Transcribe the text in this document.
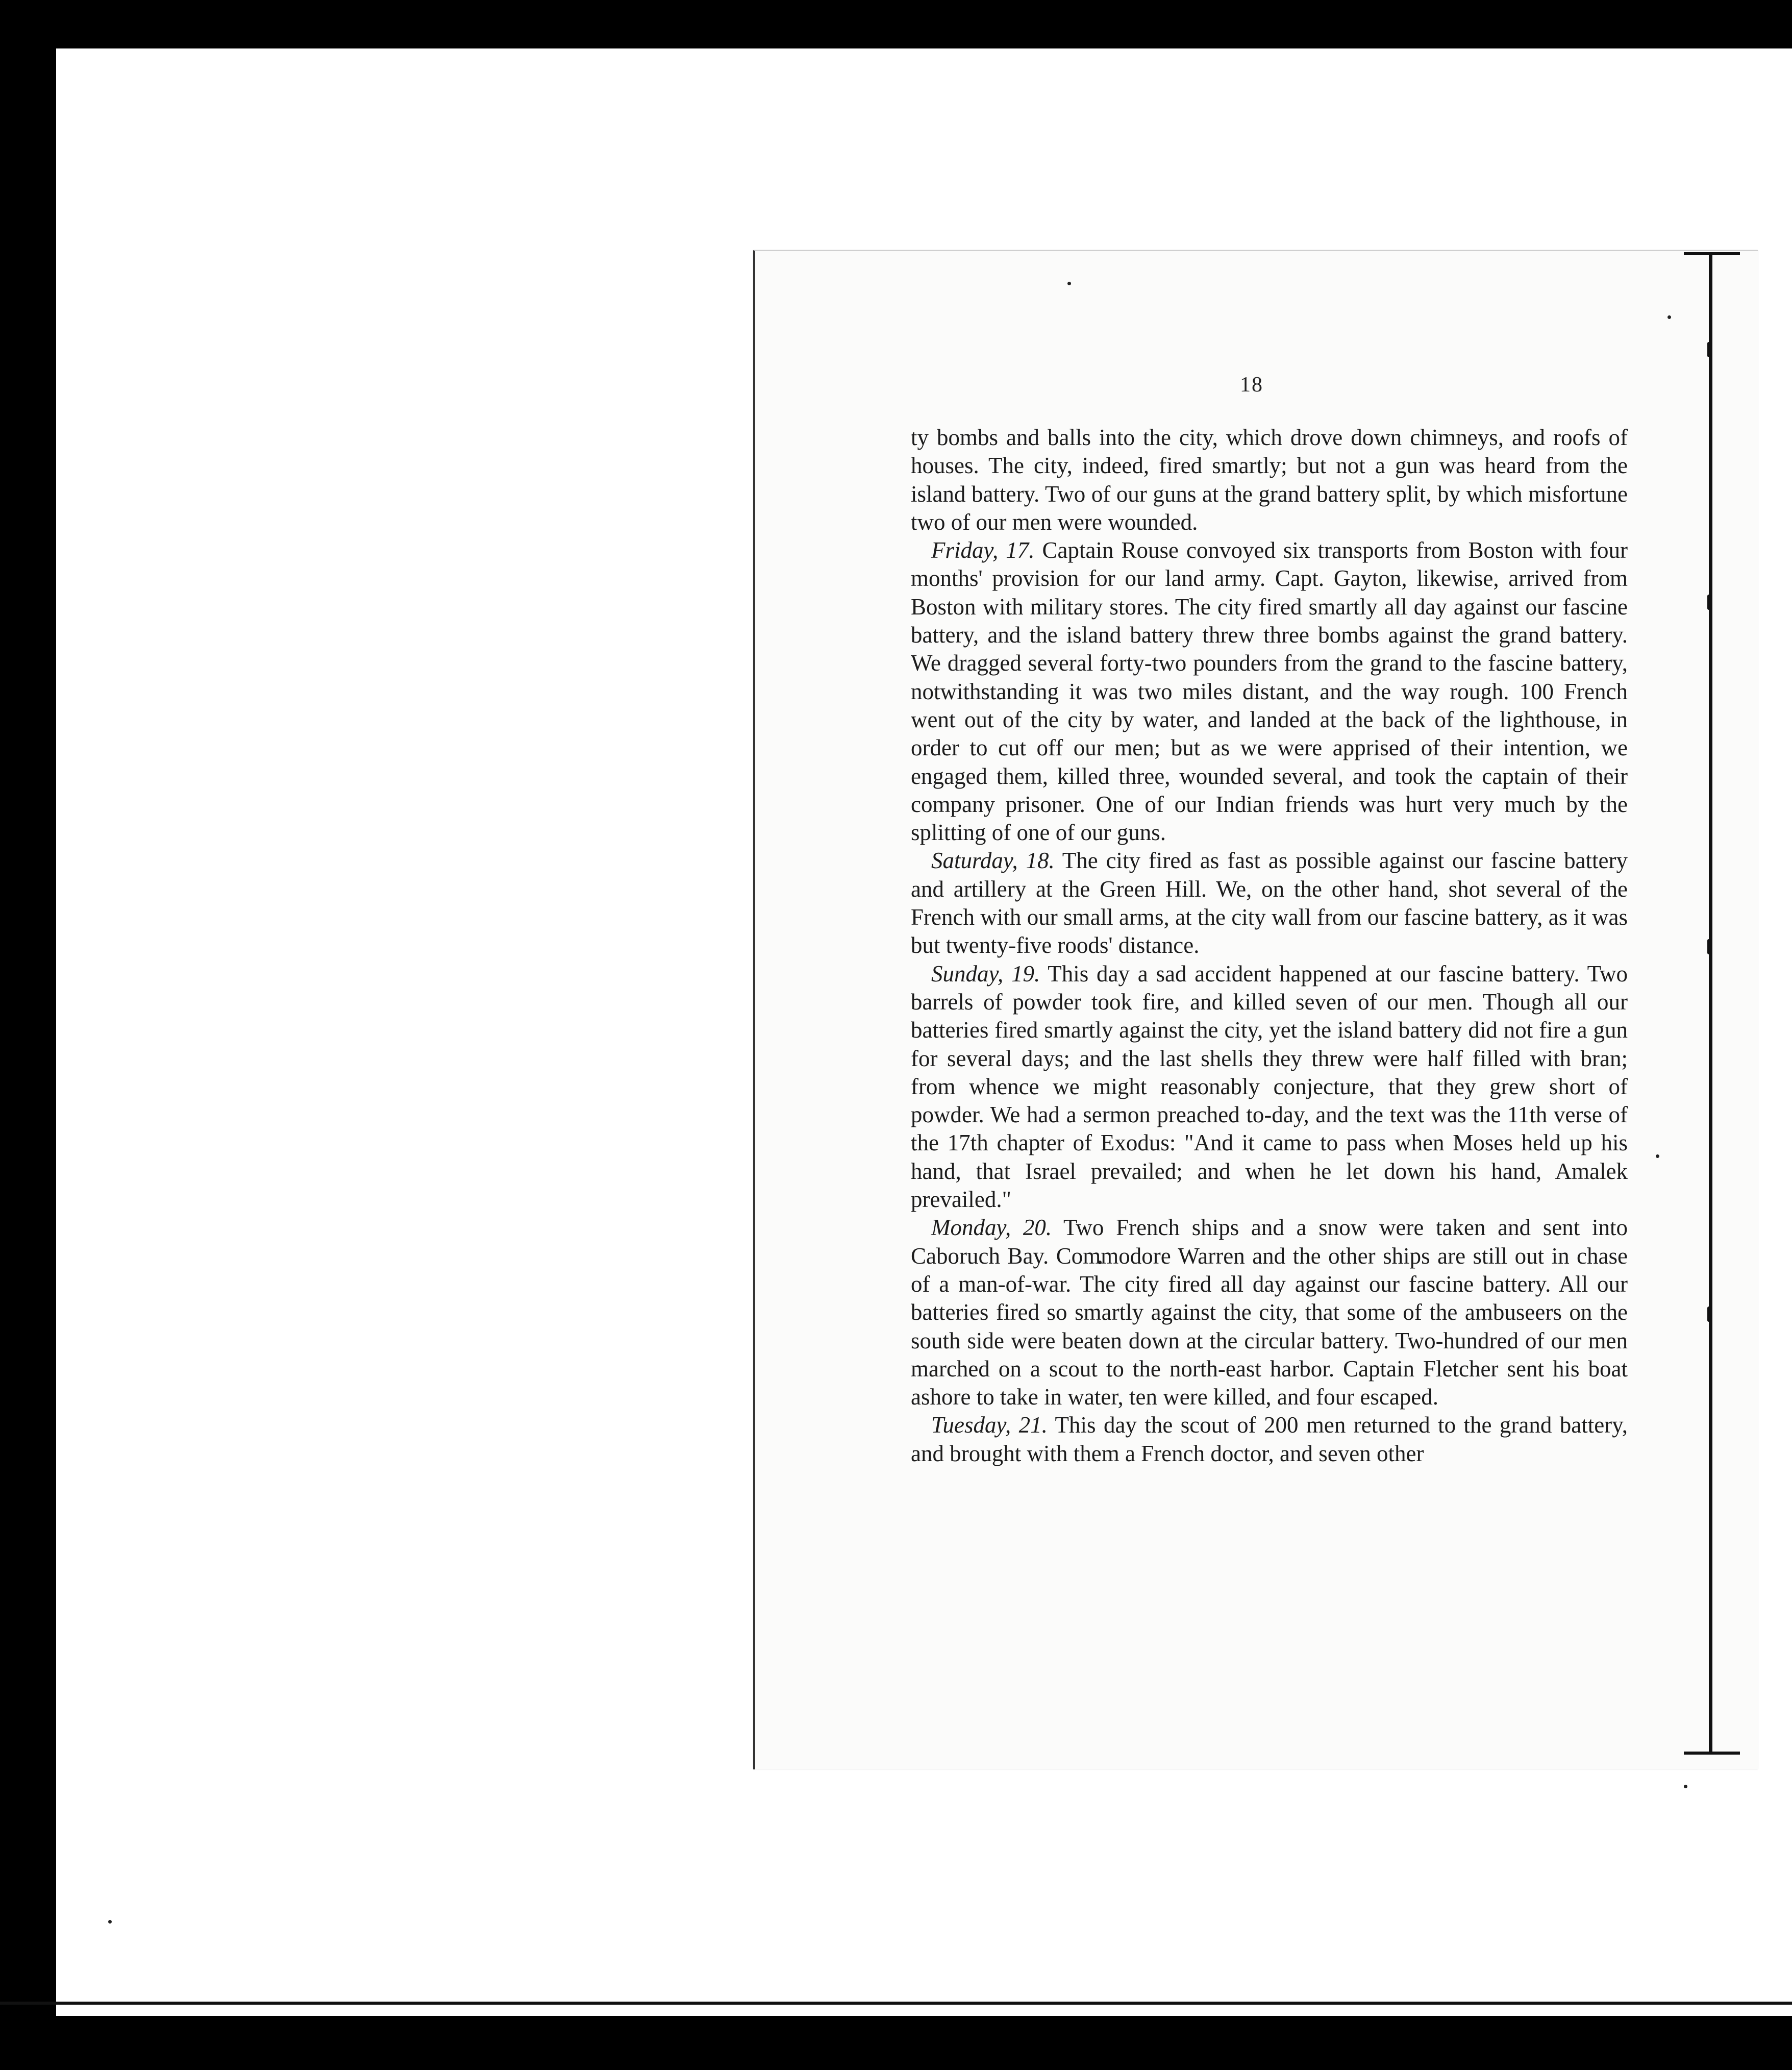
18

ty bombs and balls into the city, which drove down chimneys, and roofs of houses. The city, indeed, fired smartly; but not a gun was heard from the island battery. Two of our guns at the grand battery split, by which misfortune two of our men were wounded.

Friday, 17. Captain Rouse convoyed six transports from Boston with four months' provision for our land army. Capt. Gayton, likewise, arrived from Boston with military stores. The city fired smartly all day against our fascine battery, and the island battery threw three bombs against the grand battery. We dragged several forty-two pounders from the grand to the fascine battery, notwithstanding it was two miles distant, and the way rough. 100 French went out of the city by water, and landed at the back of the lighthouse, in order to cut off our men; but as we were apprised of their intention, we engaged them, killed three, wounded several, and took the captain of their company prisoner. One of our Indian friends was hurt very much by the splitting of one of our guns.

Saturday, 18. The city fired as fast as possible against our fascine battery and artillery at the Green Hill. We, on the other hand, shot several of the French with our small arms, at the city wall from our fascine battery, as it was but twenty-five roods' distance.

Sunday, 19. This day a sad accident happened at our fascine battery. Two barrels of powder took fire, and killed seven of our men. Though all our batteries fired smartly against the city, yet the island battery did not fire a gun for several days; and the last shells they threw were half filled with bran; from whence we might reasonably conjecture, that they grew short of powder. We had a sermon preached to-day, and the text was the 11th verse of the 17th chapter of Exodus: "And it came to pass when Moses held up his hand, that Israel prevailed; and when he let down his hand, Amalek prevailed."

Monday, 20. Two French ships and a snow were taken and sent into Caboruch Bay. Commodore Warren and the other ships are still out in chase of a man-of-war. The city fired all day against our fascine battery. All our batteries fired so smartly against the city, that some of the ambuseers on the south side were beaten down at the circular battery. Two-hundred of our men marched on a scout to the north-east harbor. Captain Fletcher sent his boat ashore to take in water, ten were killed, and four escaped.

Tuesday, 21. This day the scout of 200 men returned to the grand battery, and brought with them a French doctor, and seven other
